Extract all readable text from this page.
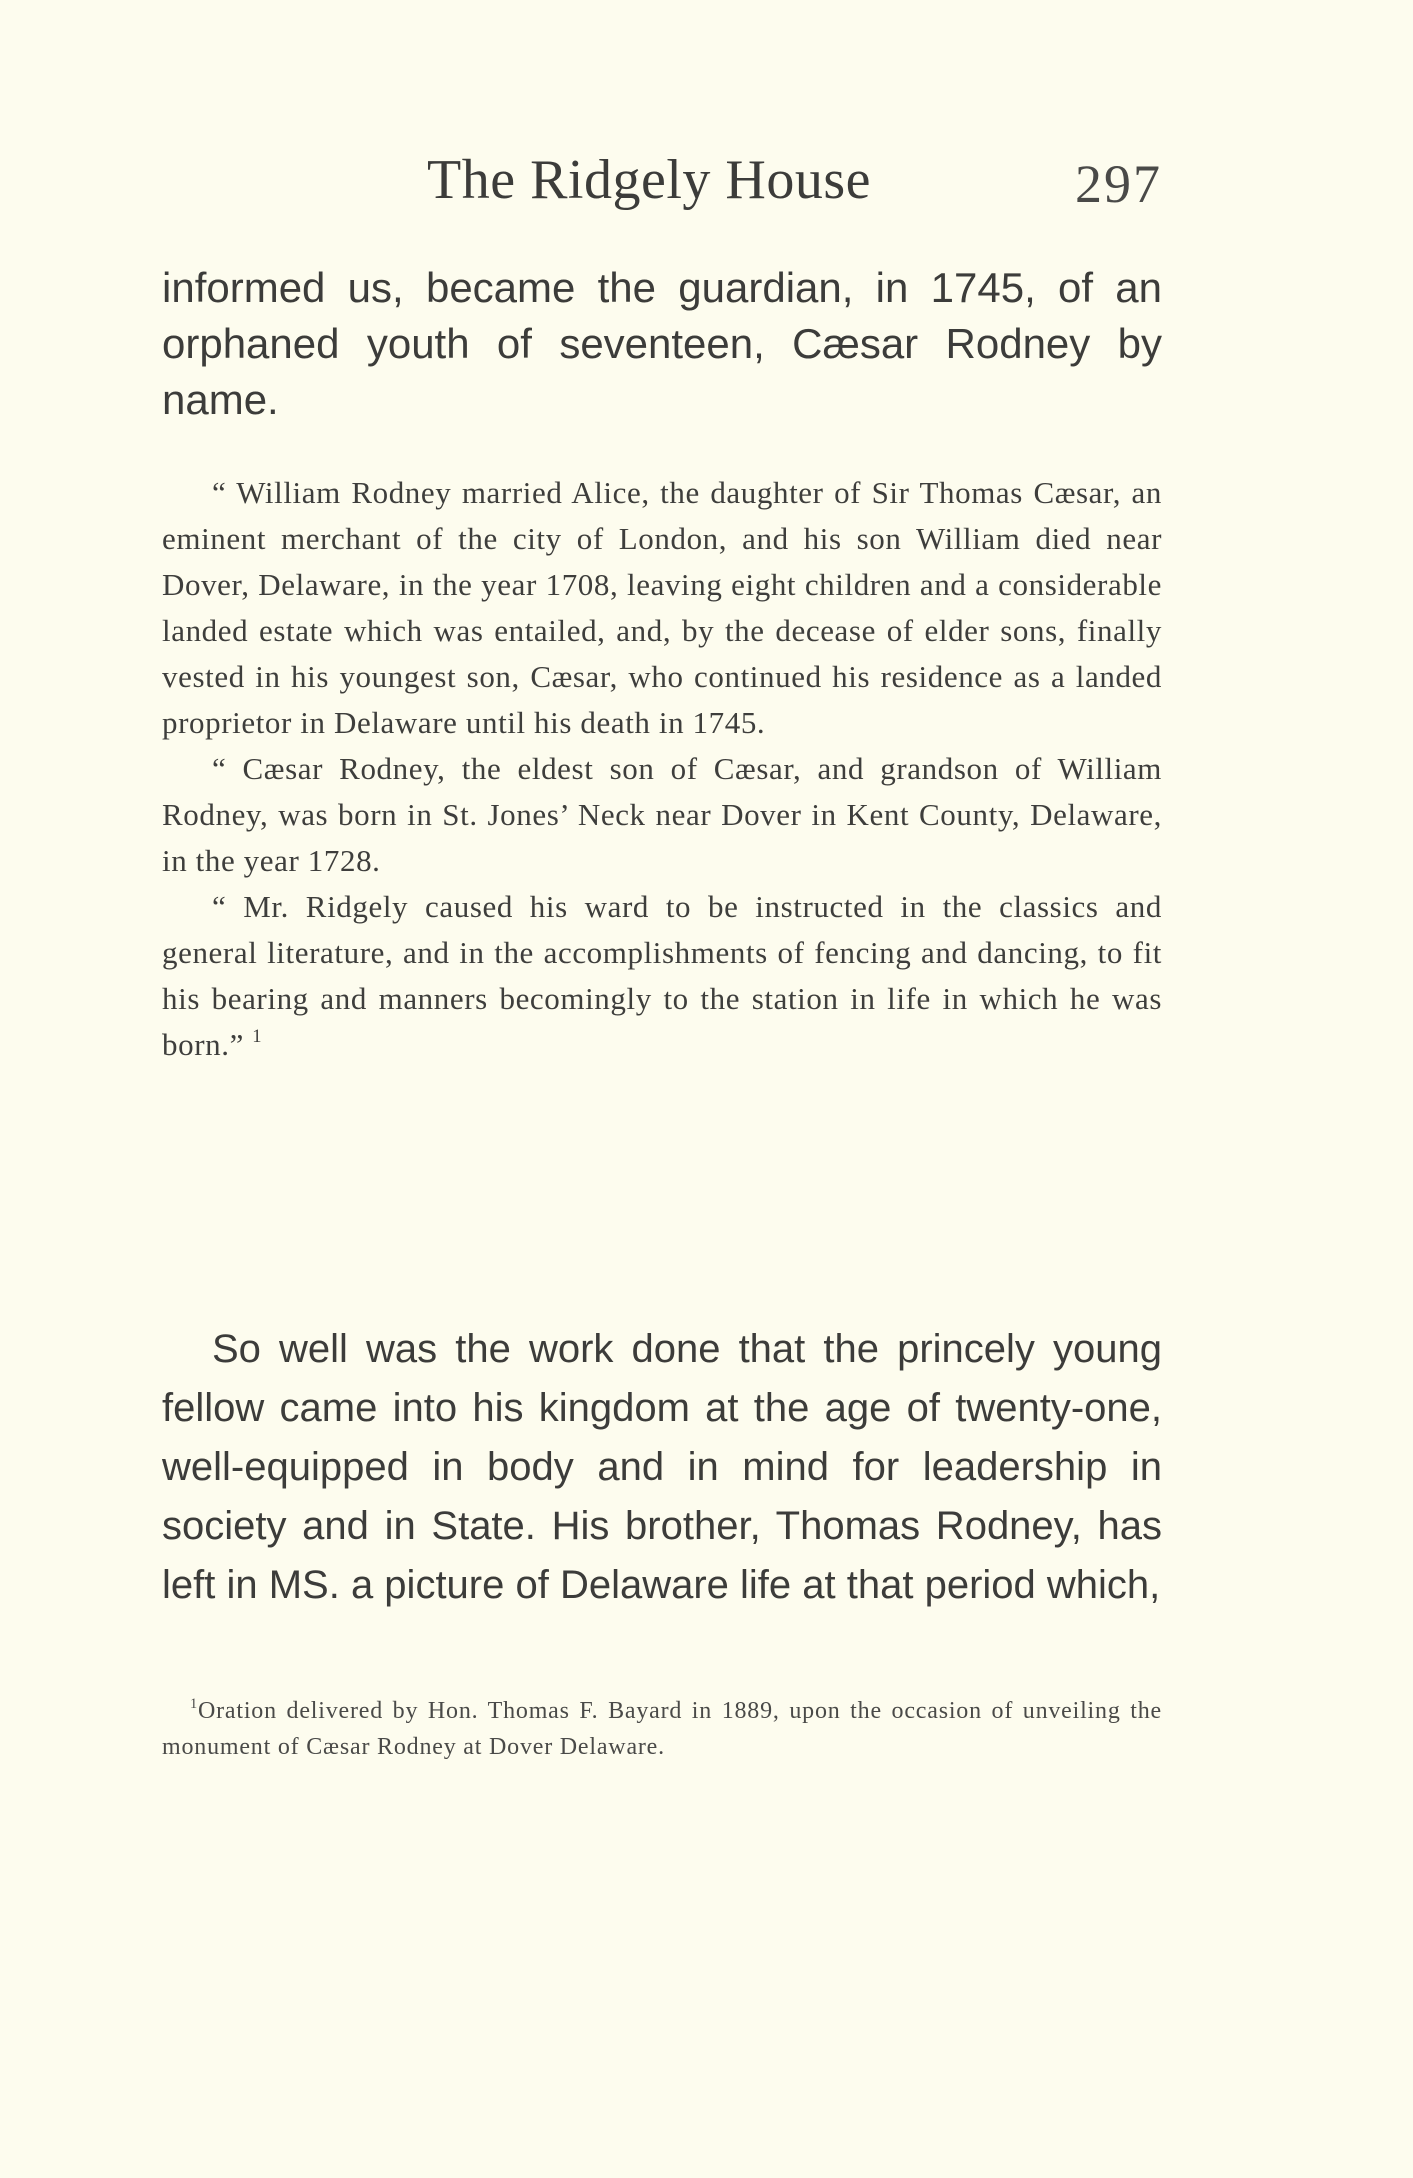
The Ridgely House	297

informed us, became the guardian, in 1745, of an orphaned youth of seventeen, Cæsar Rodney by name.

“ William Rodney married Alice, the daughter of Sir Thomas Cæsar, an eminent merchant of the city of London, and his son William died near Dover, Delaware, in the year 1708, leaving eight children and a considerable landed estate which was entailed, and, by the decease of elder sons, finally vested in his youngest son, Cæsar, who continued his residence as a landed proprietor in Delaware until his death in 1745.

“ Cæsar Rodney, the eldest son of Cæsar, and grandson of William Rodney, was born in St. Jones’ Neck near Dover in Kent County, Delaware, in the year 1728.

“ Mr. Ridgely caused his ward to be instructed in the classics and general literature, and in the accomplishments of fencing and dancing, to fit his bearing and manners becomingly to the station in life in which he was born.” $^1$

So well was the work done that the princely young fellow came into his kingdom at the age of twenty-one, well-equipped in body and in mind for leadership in society and in State. His brother, Thomas Rodney, has left in MS. a picture of Delaware life at that period which,

$^1$Oration delivered by Hon. Thomas F. Bayard in 1889, upon the occasion of unveiling the monument of Cæsar Rodney at Dover Delaware.
